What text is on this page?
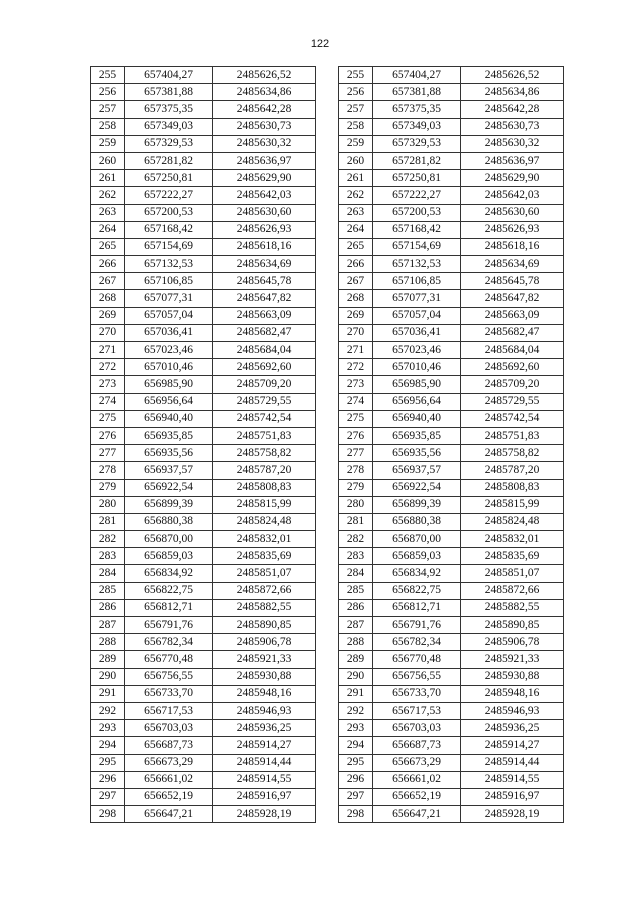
122
255	657404,27	2485626,52
256	657381,88	2485634,86
257	657375,35	2485642,28
258	657349,03	2485630,73
259	657329,53	2485630,32
260	657281,82	2485636,97
261	657250,81	2485629,90
262	657222,27	2485642,03
263	657200,53	2485630,60
264	657168,42	2485626,93
265	657154,69	2485618,16
266	657132,53	2485634,69
267	657106,85	2485645,78
268	657077,31	2485647,82
269	657057,04	2485663,09
270	657036,41	2485682,47
271	657023,46	2485684,04
272	657010,46	2485692,60
273	656985,90	2485709,20
274	656956,64	2485729,55
275	656940,40	2485742,54
276	656935,85	2485751,83
277	656935,56	2485758,82
278	656937,57	2485787,20
279	656922,54	2485808,83
280	656899,39	2485815,99
281	656880,38	2485824,48
282	656870,00	2485832,01
283	656859,03	2485835,69
284	656834,92	2485851,07
285	656822,75	2485872,66
286	656812,71	2485882,55
287	656791,76	2485890,85
288	656782,34	2485906,78
289	656770,48	2485921,33
290	656756,55	2485930,88
291	656733,70	2485948,16
292	656717,53	2485946,93
293	656703,03	2485936,25
294	656687,73	2485914,27
295	656673,29	2485914,44
296	656661,02	2485914,55
297	656652,19	2485916,97
298	656647,21	2485928,19
255	657404,27	2485626,52
256	657381,88	2485634,86
257	657375,35	2485642,28
258	657349,03	2485630,73
259	657329,53	2485630,32
260	657281,82	2485636,97
261	657250,81	2485629,90
262	657222,27	2485642,03
263	657200,53	2485630,60
264	657168,42	2485626,93
265	657154,69	2485618,16
266	657132,53	2485634,69
267	657106,85	2485645,78
268	657077,31	2485647,82
269	657057,04	2485663,09
270	657036,41	2485682,47
271	657023,46	2485684,04
272	657010,46	2485692,60
273	656985,90	2485709,20
274	656956,64	2485729,55
275	656940,40	2485742,54
276	656935,85	2485751,83
277	656935,56	2485758,82
278	656937,57	2485787,20
279	656922,54	2485808,83
280	656899,39	2485815,99
281	656880,38	2485824,48
282	656870,00	2485832,01
283	656859,03	2485835,69
284	656834,92	2485851,07
285	656822,75	2485872,66
286	656812,71	2485882,55
287	656791,76	2485890,85
288	656782,34	2485906,78
289	656770,48	2485921,33
290	656756,55	2485930,88
291	656733,70	2485948,16
292	656717,53	2485946,93
293	656703,03	2485936,25
294	656687,73	2485914,27
295	656673,29	2485914,44
296	656661,02	2485914,55
297	656652,19	2485916,97
298	656647,21	2485928,19
